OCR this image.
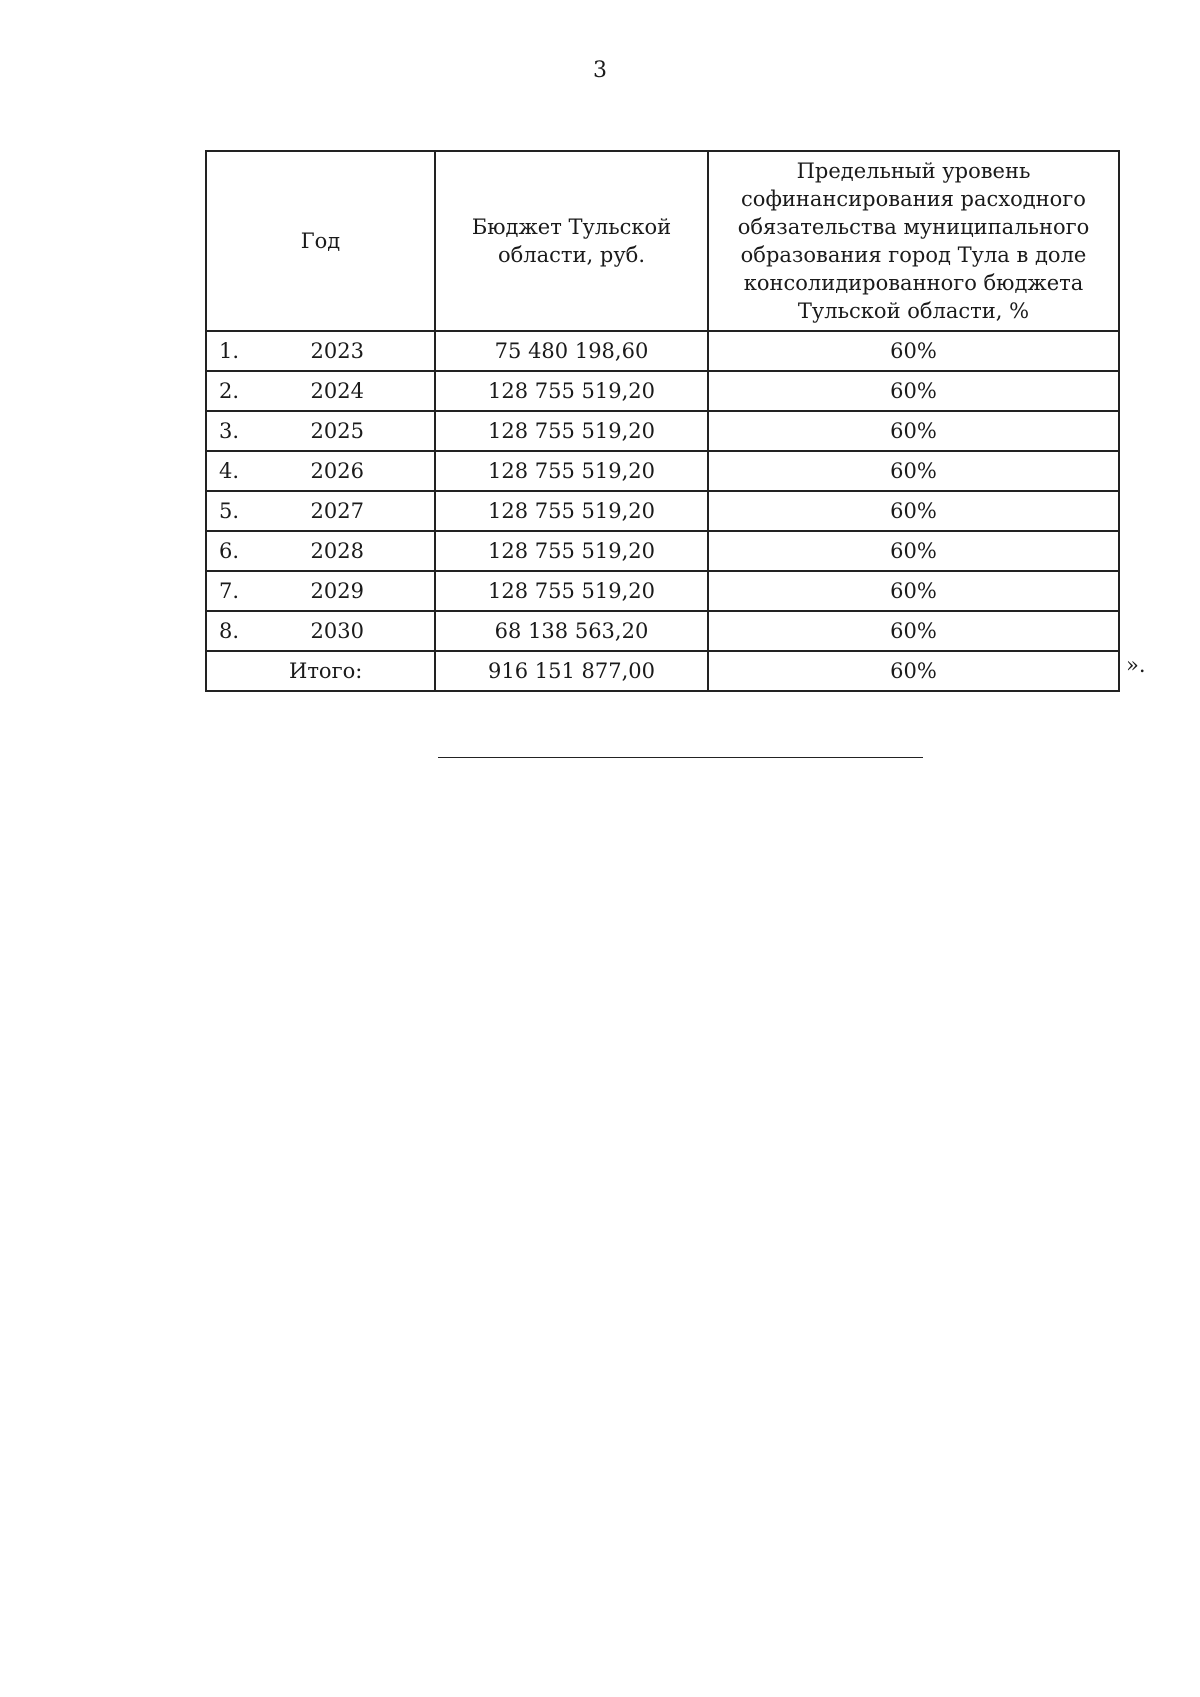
3
Год	Бюджет Тульской области, руб.	Предельный уровень софинансирования расходного обязательства муниципального образования город Тула в доле консолидированного бюджета Тульской области, %

1. 2023	75 480 198,60	60%

2. 2024	128 755 519,20	60%

3. 2025	128 755 519,20	60%

4. 2026	128 755 519,20	60%

5. 2027	128 755 519,20	60%

6. 2028	128 755 519,20	60%

7. 2029	128 755 519,20	60%

8. 2030	68 138 563,20	60%
Итого:	916 151 877,00	60%	».
